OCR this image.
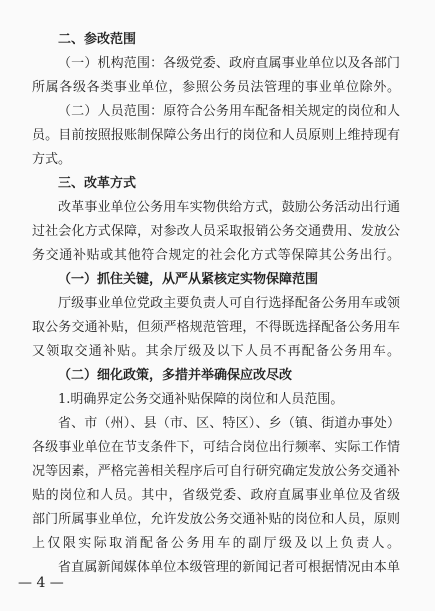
二、参改范围
（一）机构范围：各级党委、政府直属事业单位以及各部门
所属各级各类事业单位，参照公务员法管理的事业单位除外。
（二）人员范围：原符合公务用车配备相关规定的岗位和人
员。目前按照报账制保障公务出行的岗位和人员原则上维持现有
方式。
三、改革方式
改革事业单位公务用车实物供给方式，鼓励公务活动出行通
过社会化方式保障，对参改人员采取报销公务交通费用、发放公
务交通补贴或其他符合规定的社会化方式等保障其公务出行。
（一）抓住关键，从严从紧核定实物保障范围
厅级事业单位党政主要负责人可自行选择配备公务用车或领
取公务交通补贴，但须严格规范管理，不得既选择配备公务用车
又领取交通补贴。其余厅级及以下人员不再配备公务用车。
（二）细化政策，多措并举确保应改尽改
1.明确界定公务交通补贴保障的岗位和人员范围。
省、市（州）、县（市、区、特区）、乡（镇、街道办事处）
各级事业单位在节支条件下，可结合岗位出行频率、实际工作情
况等因素，严格完善相关程序后可自行研究确定发放公务交通补
贴的岗位和人员。其中，省级党委、政府直属事业单位及省级
部门所属事业单位，允许发放公务交通补贴的岗位和人员，原则
上仅限实际取消配备公务用车的副厅级及以上负责人。
省直属新闻媒体单位本级管理的新闻记者可根据情况由本单
— 4 —
